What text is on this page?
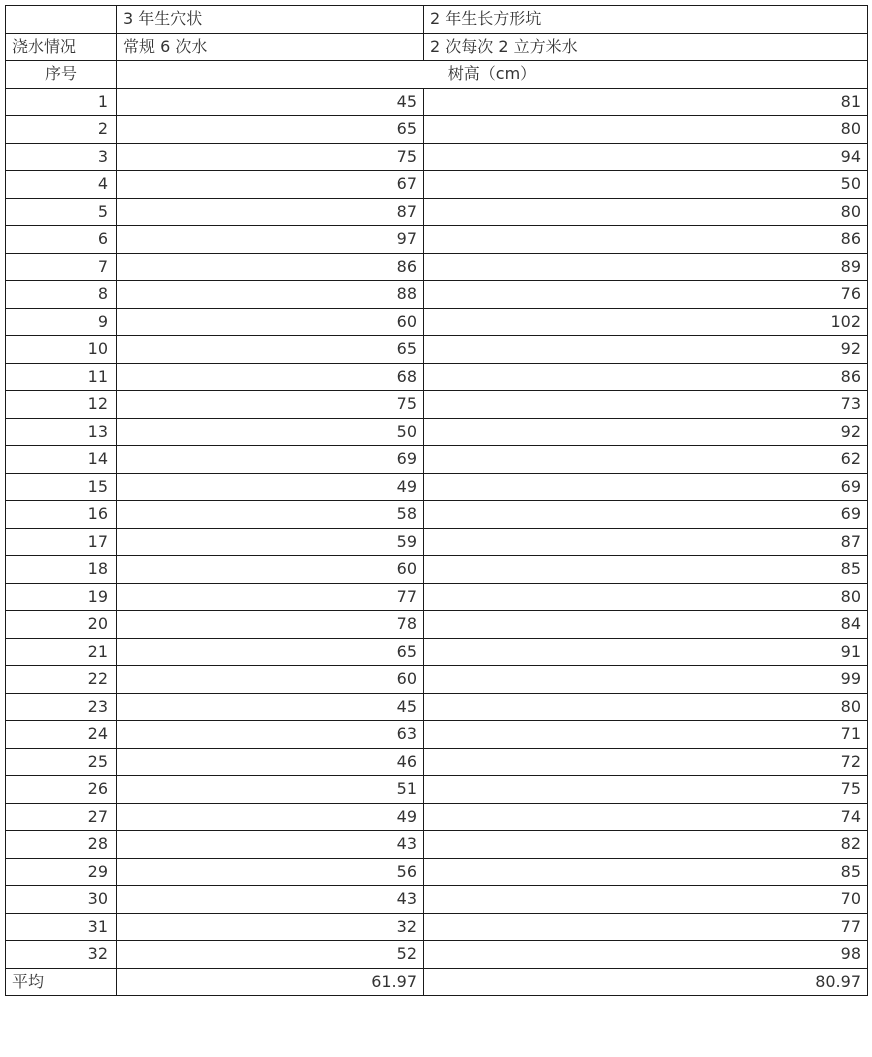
	3 年生穴状	2 年生长方形坑
浇水情况	常规 6 次水	2 次每次 2 立方米水
序号	树高（cm）	
1	45	81
2	65	80
3	75	94
4	67	50
5	87	80
6	97	86
7	86	89
8	88	76
9	60	102
10	65	92
11	68	86
12	75	73
13	50	92
14	69	62
15	49	69
16	58	69
17	59	87
18	60	85
19	77	80
20	78	84
21	65	91
22	60	99
23	45	80
24	63	71
25	46	72
26	51	75
27	49	74
28	43	82
29	56	85
30	43	70
31	32	77
32	52	98
平均	61.97	80.97
